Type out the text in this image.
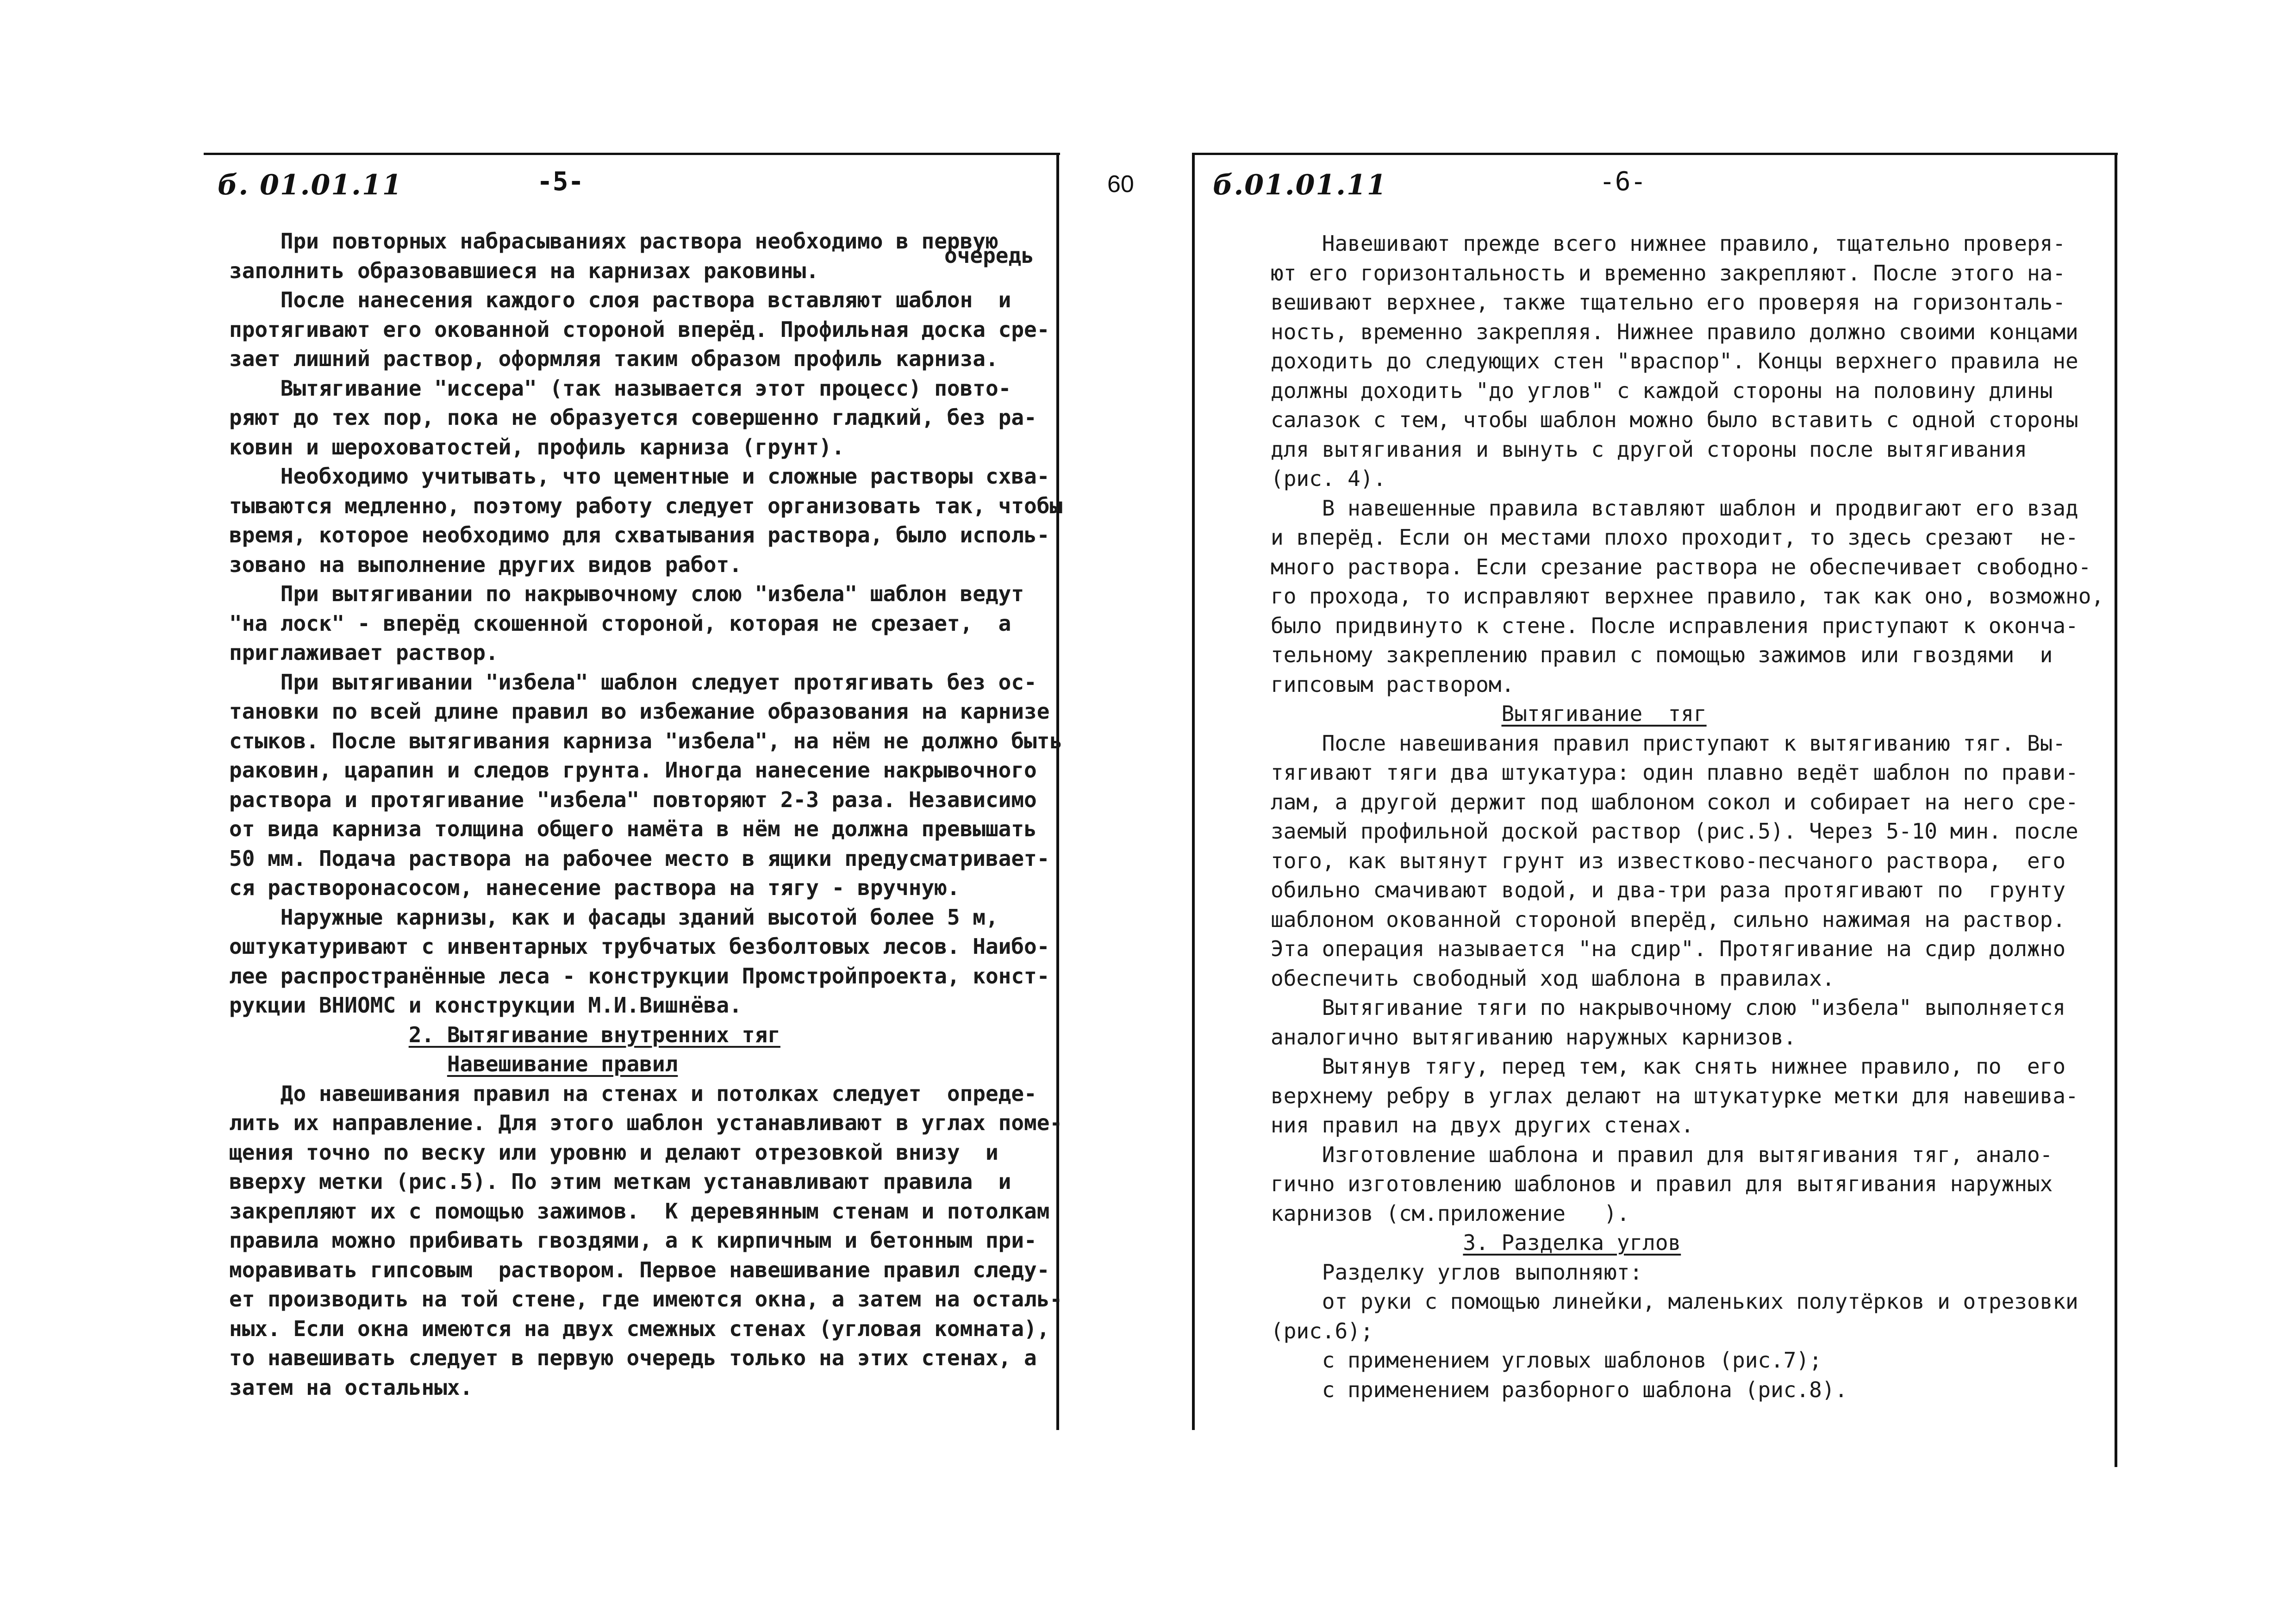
60
б. 01.01.11	-5-
очередь
При повторных набрасываниях раствора необходимо в первую
заполнить образовавшиеся на карнизах раковины.
После нанесения каждого слоя раствора вставляют шаблон  и
протягивают его окованной стороной вперёд. Профильная доска сре-
зает лишний раствор, оформляя таким образом профиль карниза.
Вытягивание "иссера" (так называется этот процесс) повто-
ряют до тех пор, пока не образуется совершенно гладкий, без ра-
ковин и шероховатостей, профиль карниза (грунт).
Необходимо учитывать, что цементные и сложные растворы схва-
тываются медленно, поэтому работу следует организовать так, чтобы
время, которое необходимо для схватывания раствора, было исполь-
зовано на выполнение других видов работ.
При вытягивании по накрывочному слою "избела" шаблон ведут
"на лоск" - вперёд скошенной стороной, которая не срезает,  а
приглаживает раствор.
При вытягивании "избела" шаблон следует протягивать без ос-
тановки по всей длине правил во избежание образования на карнизе
стыков. После вытягивания карниза "избела", на нём не должно быть
раковин, царапин и следов грунта. Иногда нанесение накрывочного
раствора и протягивание "избела" повторяют 2-3 раза. Независимо
от вида карниза толщина общего намёта в нём не должна превышать
50 мм. Подача раствора на рабочее место в ящики предусматривает-
ся растворонасосом, нанесение раствора на тягу - вручную.
Наружные карнизы, как и фасады зданий высотой более 5 м,
оштукатуривают с инвентарных трубчатых безболтовых лесов. Наибо-
лее распространённые леса - конструкции Промстройпроекта, конст-
рукции ВНИОМС и конструкции М.И.Вишнёва.
2. Вытягивание внутренних тяг
Навешивание правил
До навешивания правил на стенах и потолках следует  опреде-
лить их направление. Для этого шаблон устанавливают в углах поме-
щения точно по веску или уровню и делают отрезовкой внизу  и
вверху метки (рис.5). По этим меткам устанавливают правила  и
закрепляют их с помощью зажимов.  К деревянным стенам и потолкам
правила можно прибивать гвоздями, а к кирпичным и бетонным при-
моравивать гипсовым  раствором. Первое навешивание правил следу-
ет производить на той стене, где имеются окна, а затем на осталь-
ных. Если окна имеются на двух смежных стенах (угловая комната),
то навешивать следует в первую очередь только на этих стенах, а
затем на остальных.
б.01.01.11	-6-
Навешивают прежде всего нижнее правило, тщательно проверя-
ют его горизонтальность и временно закрепляют. После этого на-
вешивают верхнее, также тщательно его проверяя на горизонталь-
ность, временно закрепляя. Нижнее правило должно своими концами
доходить до следующих стен "враспор". Концы верхнего правила не
должны доходить "до углов" с каждой стороны на половину длины
салазок с тем, чтобы шаблон можно было вставить с одной стороны
для вытягивания и вынуть с другой стороны после вытягивания
(рис. 4).
В навешенные правила вставляют шаблон и продвигают его взад
и вперёд. Если он местами плохо проходит, то здесь срезают  не-
много раствора. Если срезание раствора не обеспечивает свободно-
го прохода, то исправляют верхнее правило, так как оно, возможно,
было придвинуто к стене. После исправления приступают к оконча-
тельному закреплению правил с помощью зажимов или гвоздями  и
гипсовым раствором.
Вытягивание  тяг
После навешивания правил приступают к вытягиванию тяг. Вы-
тягивают тяги два штукатура: один плавно ведёт шаблон по прави-
лам, а другой держит под шаблоном сокол и собирает на него сре-
заемый профильной доской раствор (рис.5). Через 5-10 мин. после
того, как вытянут грунт из известково-песчаного раствора,  его
обильно смачивают водой, и два-три раза протягивают по  грунту
шаблоном окованной стороной вперёд, сильно нажимая на раствор.
Эта операция называется "на сдир". Протягивание на сдир должно
обеспечить свободный ход шаблона в правилах.
Вытягивание тяги по накрывочному слою "избела" выполняется
аналогично вытягиванию наружных карнизов.
Вытянув тягу, перед тем, как снять нижнее правило, по  его
верхнему ребру в углах делают на штукатурке метки для навешива-
ния правил на двух других стенах.
Изготовление шаблона и правил для вытягивания тяг, анало-
гично изготовлению шаблонов и правил для вытягивания наружных
карнизов (см.приложение   ).
3. Разделка углов
Разделку углов выполняют:
от руки с помощью линейки, маленьких полутёрков и отрезовки
(рис.6);
с применением угловых шаблонов (рис.7);
с применением разборного шаблона (рис.8).
